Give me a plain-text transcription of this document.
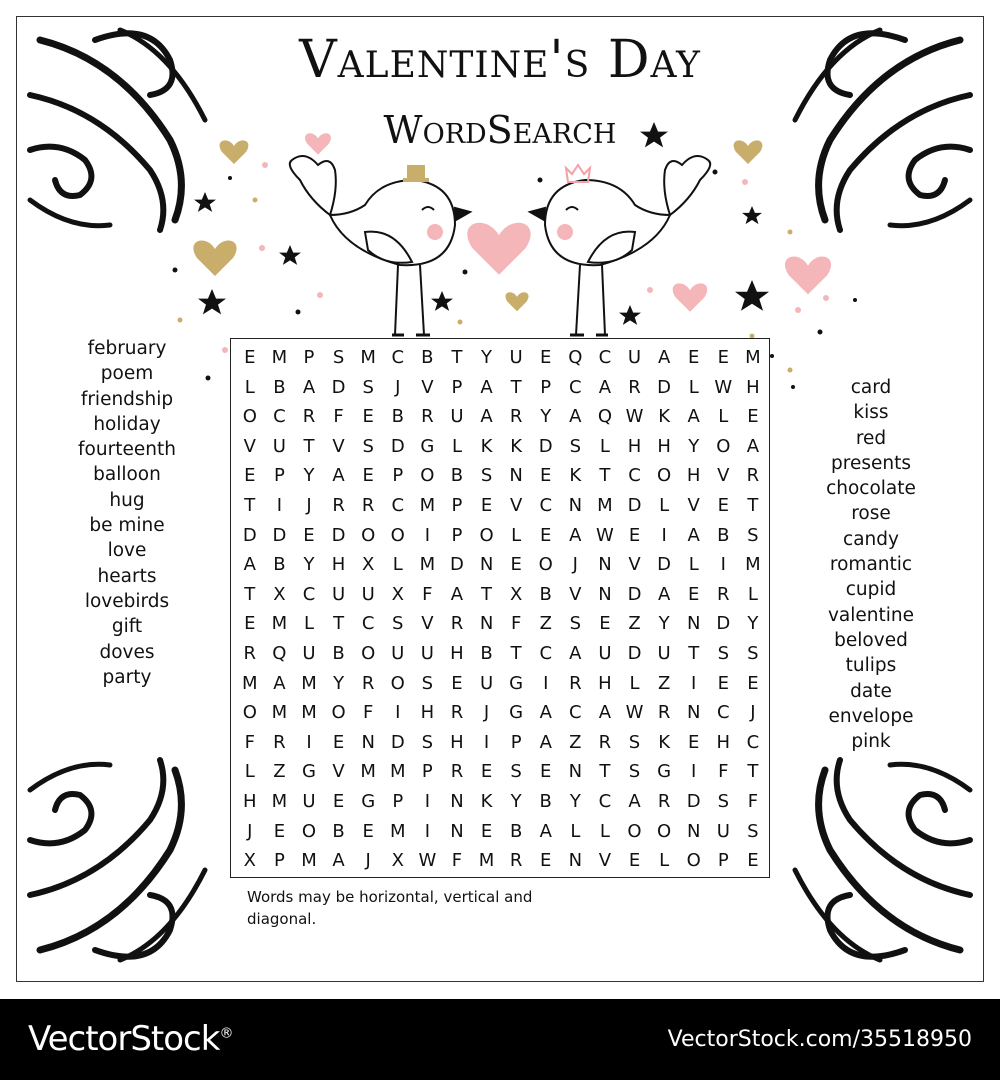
Valentine's Day
WordSearch
february
poem
friendship
holiday
fourteenth
balloon
hug
be mine
love
hearts
lovebirds
gift
doves
party
card
kiss
red
presents
chocolate
rose
candy
romantic
cupid
valentine
beloved
tulips
date
envelope
pink
E M P	S M C B T	Y U E Q C U A E	E M
L	B A D S	J	V	P	A T	P C A R D L W H
O C R	F	E B R U A R Y A Q W K A	L	E
V U T V S D G L	K K D S	L H H Y O A
E	P	Y A E	P O B S N E	K	T C O H V R
T	I	J	R R C M P	E V C N M D L	V E	T
D D E D O O	I	P O L	E A W E	I	A B S
A B Y H X	L M D N E O	J	N V D L	I	M
T X C U U X	F	A T X B V N D A E R	L
E M L	T C S V R N F	Z S	E Z Y N D Y
R Q U B O U U H B T C A U D U T	S	S
M A M Y R O S	E U G	I	R H L	Z	I	E	E
O M M O F	I	H R	J	G A C A W R N C	J
F	R	I	E N D S H	I	P	A Z R S K	E H C
L	Z G V M M P R E	S	E N T	S G	I	F	T
H M U E G P	I	N K	Y B Y C A R D S	F
J	E O B E M	I	N E B A	L	L O O N U S
X P M A	J	X W F M R E N V E	L O P	E
Words may be horizontal, vertical and diagonal.
VectorStock®	VectorStock.com/35518950
